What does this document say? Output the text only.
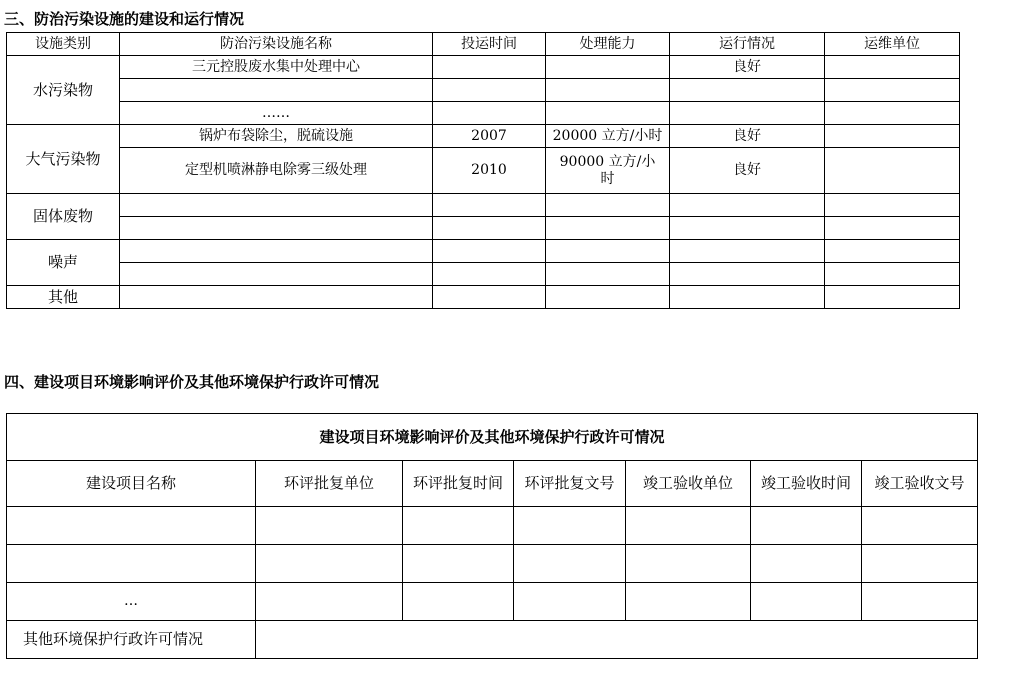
三、防治污染设施的建设和运行情况
设施类别	防治污染设施名称	投运时间	处理能力	运行情况	运维单位
水污染物	三元控股废水集中处理中心			良好	

	……				
大气污染物	锅炉布袋除尘，脱硫设施	2007	20000 立方/小时	良好	
	定型机喷淋静电除雾三级处理	2010	90000 立方/小时	良好	
固体废物					

噪声					

其他					
四、建设项目环境影响评价及其他环境保护行政许可情况
建设项目环境影响评价及其他环境保护行政许可情况						
建设项目名称	环评批复单位	环评批复时间	环评批复文号	竣工验收单位	竣工验收时间	竣工验收文号

…						
其他环境保护行政许可情况						
